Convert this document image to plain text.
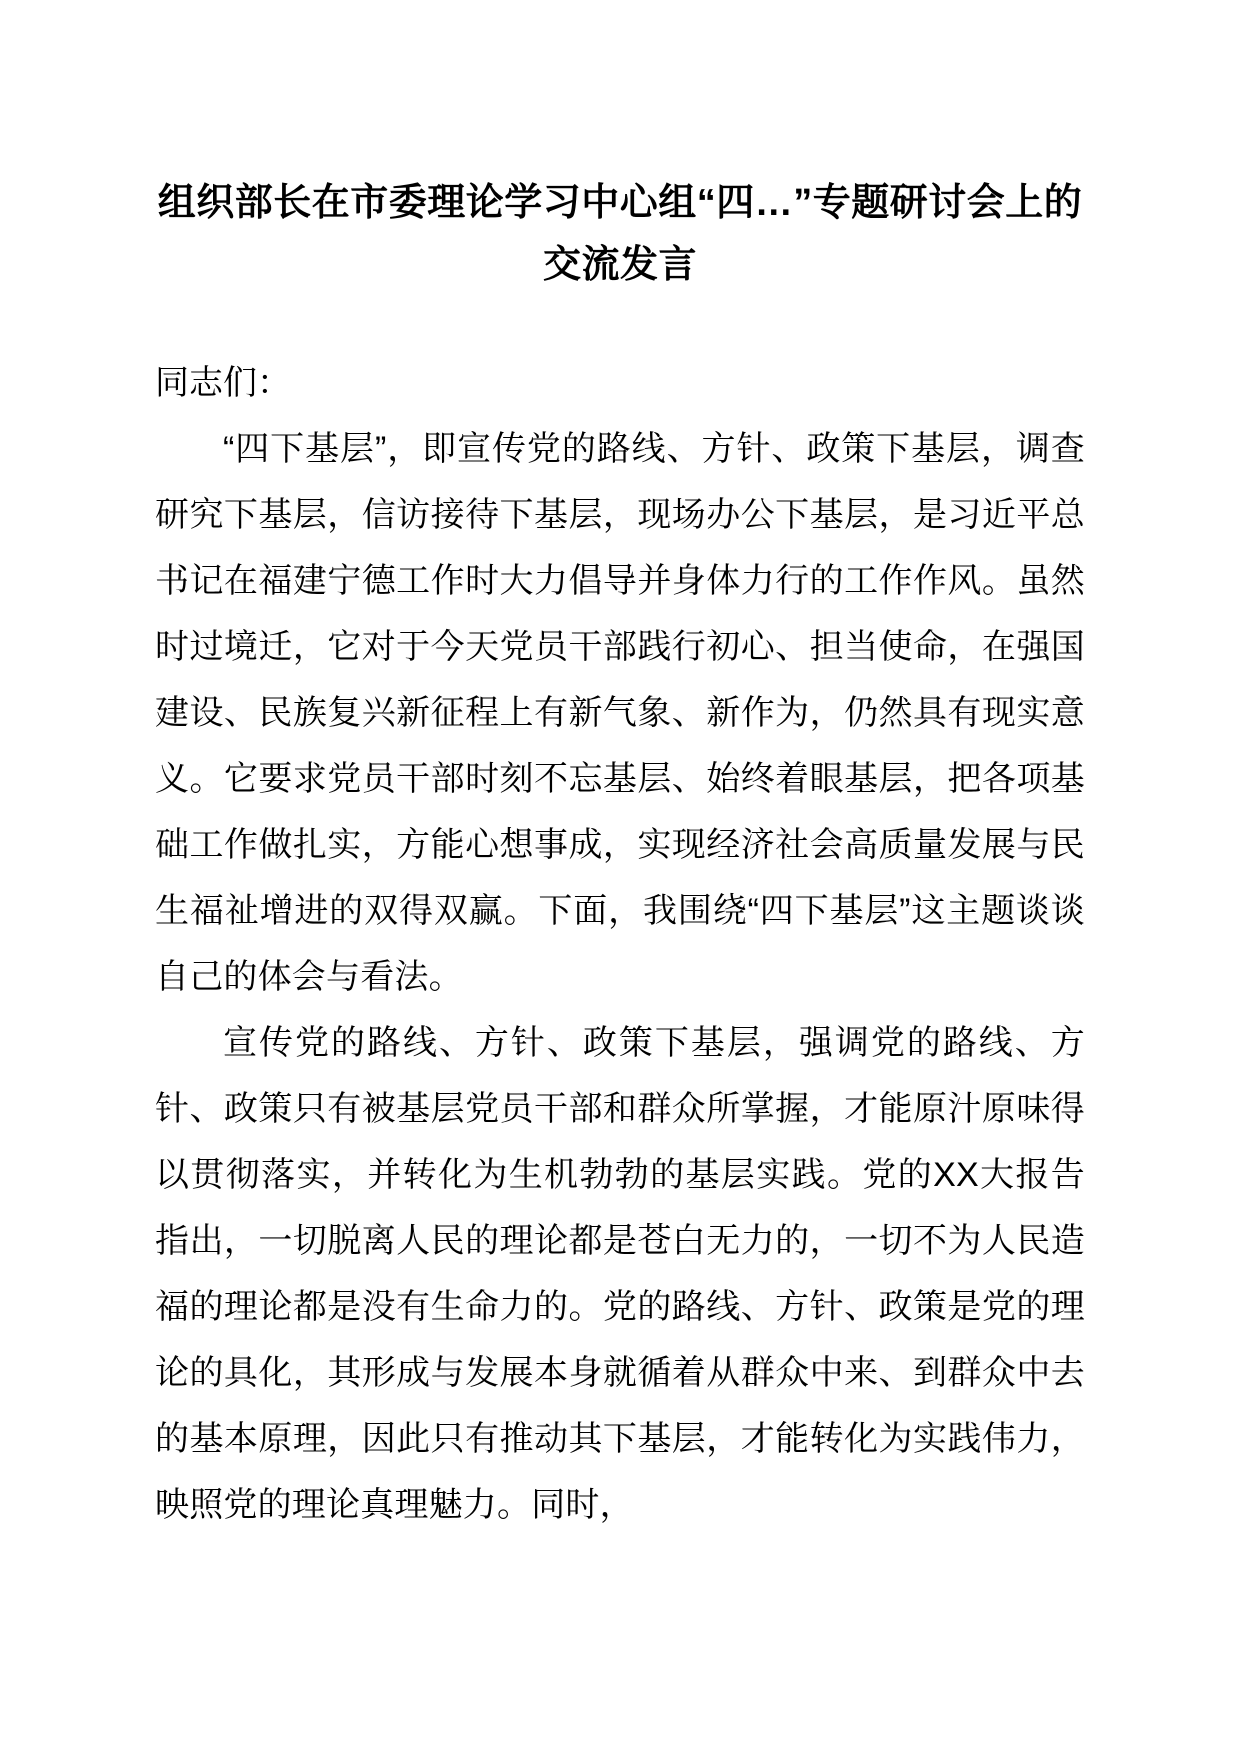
组织部长在市委理论学习中心组“四…”专题研讨会上的交流发言

同志们：

“四下基层”，即宣传党的路线、方针、政策下基层，调查研究下基层，信访接待下基层，现场办公下基层，是习近平总书记在福建宁德工作时大力倡导并身体力行的工作作风。虽然时过境迁，它对于今天党员干部践行初心、担当使命，在强国建设、民族复兴新征程上有新气象、新作为，仍然具有现实意义。它要求党员干部时刻不忘基层、始终着眼基层，把各项基础工作做扎实，方能心想事成，实现经济社会高质量发展与民生福祉增进的双得双赢。下面，我围绕“四下基层”这主题谈谈自己的体会与看法。

宣传党的路线、方针、政策下基层，强调党的路线、方针、政策只有被基层党员干部和群众所掌握，才能原汁原味得以贯彻落实，并转化为生机勃勃的基层实践。党的XX大报告指出，一切脱离人民的理论都是苍白无力的，一切不为人民造福的理论都是没有生命力的。党的路线、方针、政策是党的理论的具化，其形成与发展本身就循着从群众中来、到群众中去的基本原理，因此只有推动其下基层，才能转化为实践伟力，映照党的理论真理魅力。同时，
